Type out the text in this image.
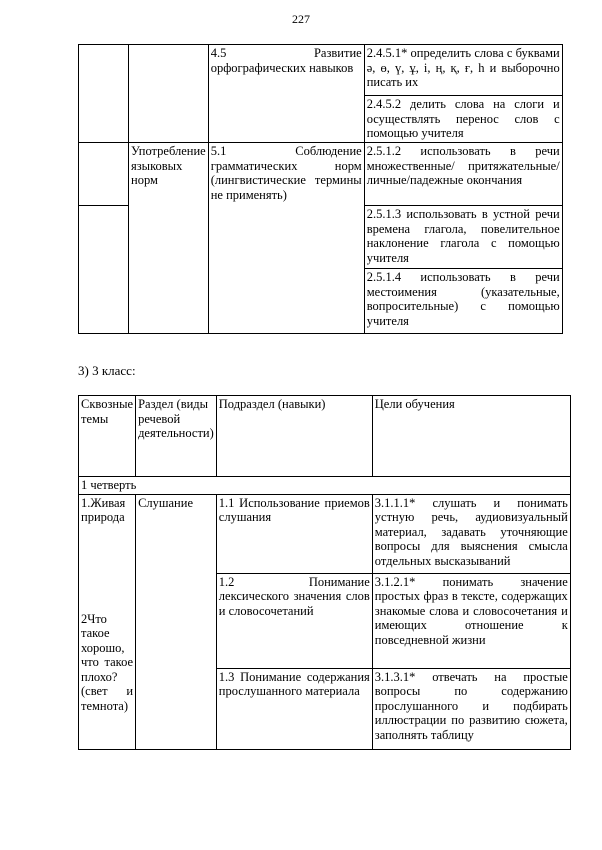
227
		4.5 Развитие орфографических навыков	2.4.5.1* определить слова с буквами ә, ө, ү, ұ, і, ң, қ, ғ, һ и выборочно писать их
			2.4.5.2 делить слова на слоги и осуществлять перенос слов с помощью учителя
	Употребление языковых норм	5.1 Соблюдение грамматических норм (лингвистические термины не применять)	2.5.1.2 использовать в речи множественные/ притяжательные/ личные/падежные окончания
			2.5.1.3 использовать в устной речи времена глагола, повелительное наклонение глагола с помощью учителя
			2.5.1.4 использовать в речи местоимения (указательные, вопросительные) с помощью учителя
3) 3 класс:
Сквозные темы	Раздел (виды речевой деятельности)	Подраздел (навыки)	Цели обучения
1 четверть			

1.Живая природа
2Что такое хорошо, что такое плохо? (свет и темнота)	Слушание	1.1 Использование приемов слушания	3.1.1.1* слушать и понимать устную речь, аудиовизуальный материал, задавать уточняющие вопросы для выяснения смысла отдельных высказываний
		1.2 Понимание лексического значения слов и словосочетаний	3.1.2.1* понимать значение простых фраз в тексте, содержащих знакомые слова и словосочетания и имеющих отношение к повседневной жизни
		1.3 Понимание содержания прослушанного материала	3.1.3.1* отвечать на простые вопросы по содержанию прослушанного и подбирать иллюстрации по развитию сюжета, заполнять таблицу
